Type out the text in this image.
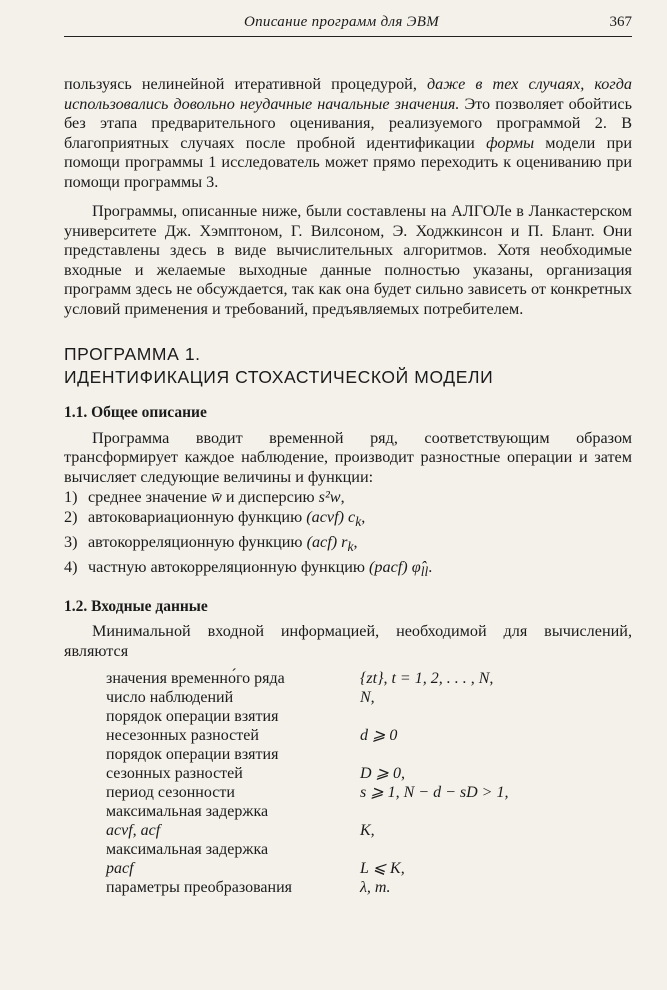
Описание программ для ЭВМ	367

пользуясь нелинейной итеративной процедурой, даже в тех случаях, когда использовались довольно неудачные начальные значения. Это позволяет обойтись без этапа предварительного оценивания, реализуемого программой 2. В благоприятных случаях после пробной идентификации формы модели при помощи программы 1 исследователь может прямо переходить к оцениванию при помощи программы 3.

Программы, описанные ниже, были составлены на АЛГОЛе в Ланкастерском университете Дж. Хэмптоном, Г. Вилсоном, Э. Ходжкинсон и П. Блант. Они представлены здесь в виде вычислительных алгоритмов. Хотя необходимые входные и желаемые выходные данные полностью указаны, организация программ здесь не обсуждается, так как она будет сильно зависеть от конкретных условий применения и требований, предъявляемых потребителем.

ПРОГРАММА 1.
ИДЕНТИФИКАЦИЯ СТОХАСТИЧЕСКОЙ МОДЕЛИ
1.1. Общее описание

Программа вводит временной ряд, соответствующим образом трансформирует каждое наблюдение, производит разностные операции и затем вычисляет следующие величины и функции:

1) среднее значение w̄ и дисперсию s²w,
2) автоковариационную функцию (acvf) $c_k$,
3) автокорреляционную функцию (acf) $r_k$,
4) частную автокорреляционную функцию (pacf) $\varphî_{ll}$.
1.2. Входные данные

Минимальной входной информацией, необходимой для вычислений, являются

значения временно́го ряда	{zt}, t = 1, 2, . . . , N,
число наблюдений	N,
порядок операции взятия	
несезонных разностей	d ⩾ 0
порядок операции взятия	
сезонных разностей	D ⩾ 0,
период сезонности	s ⩾ 1, N − d − sD > 1,
максимальная задержка	
acvf, acf	K,
максимальная задержка	
pacf	L ⩽ K,
параметры преобразования	λ, m.
